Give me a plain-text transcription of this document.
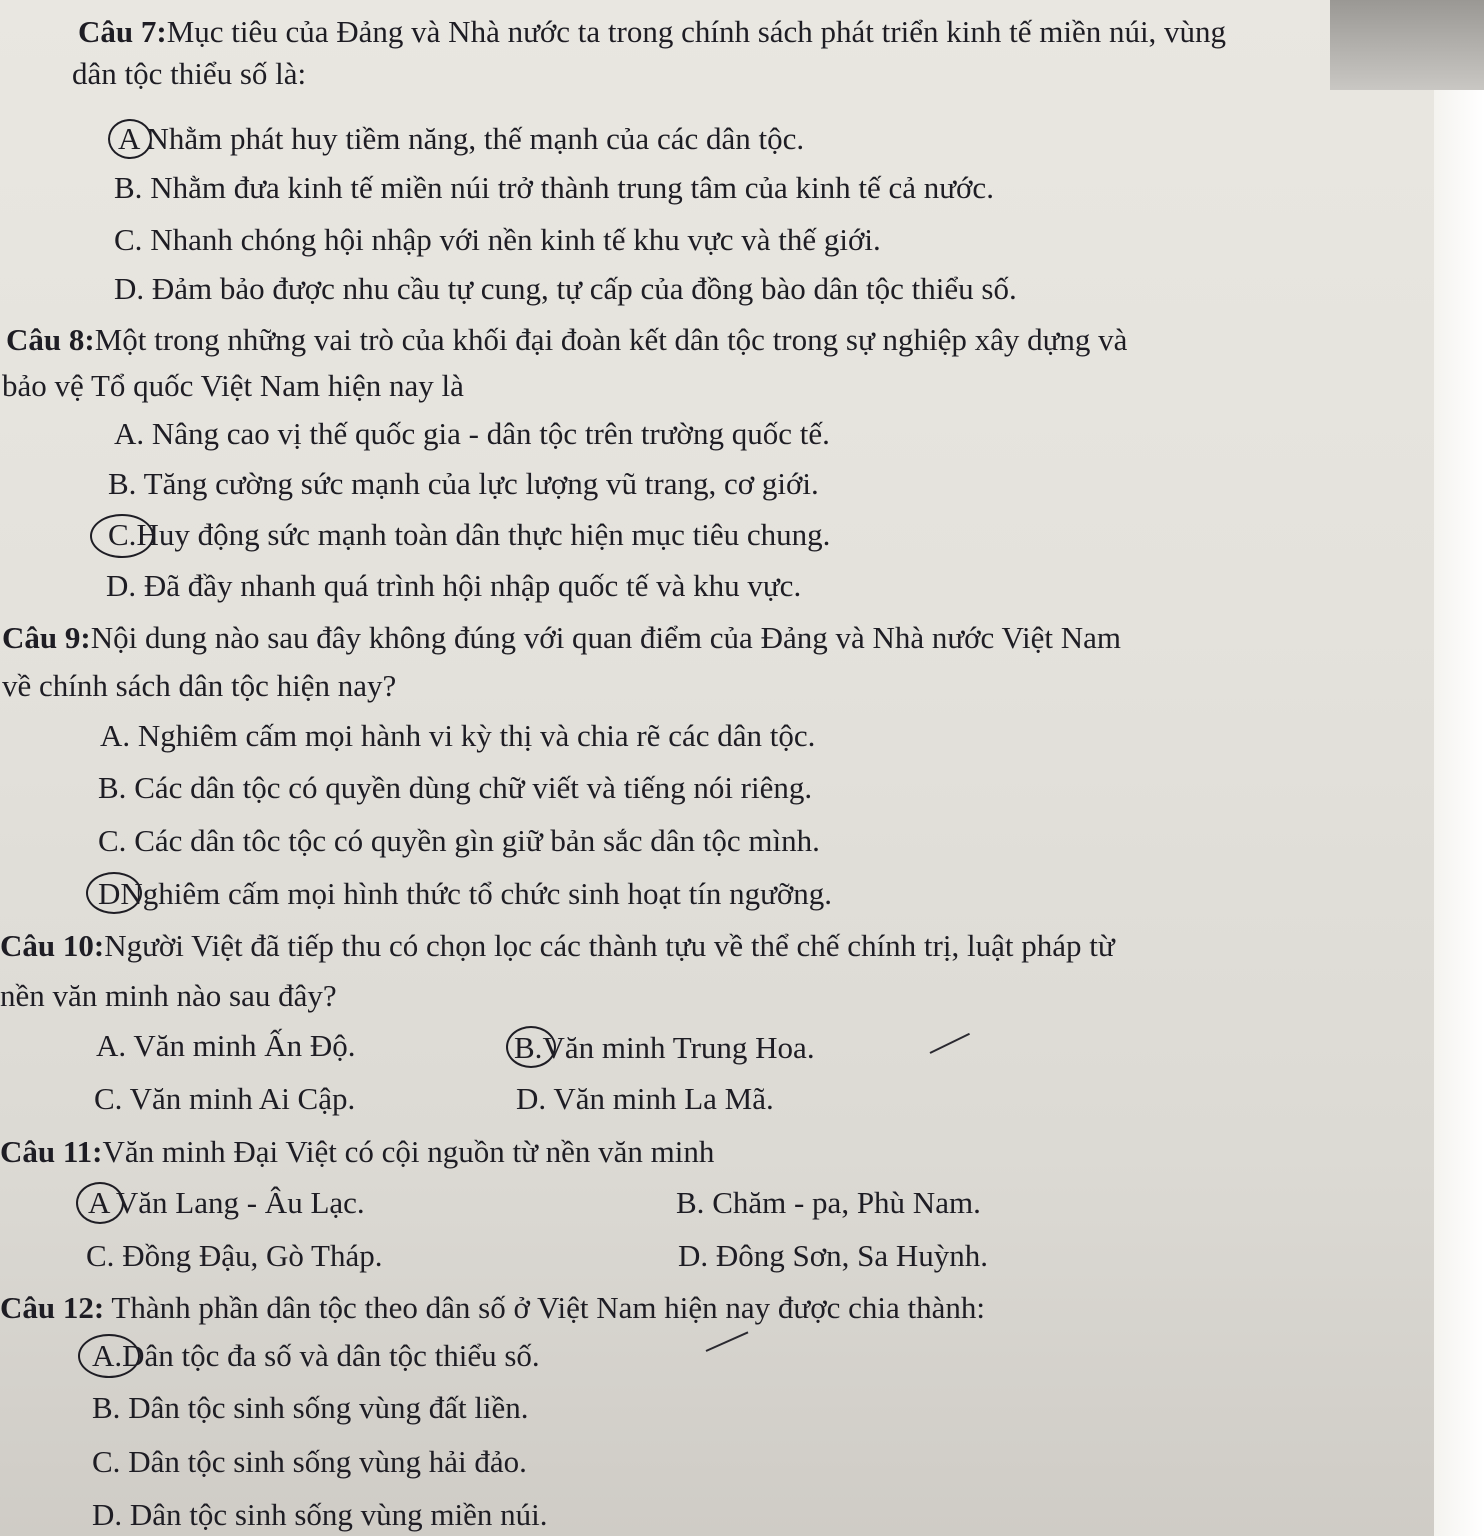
Câu 7:Mục tiêu của Đảng và Nhà nước ta trong chính sách phát triển kinh tế miền núi, vùng
dân tộc thiểu số là:
A Nhằm phát huy tiềm năng, thế mạnh của các dân tộc.
B. Nhằm đưa kinh tế miền núi trở thành trung tâm của kinh tế cả nước.
C. Nhanh chóng hội nhập với nền kinh tế khu vực và thế giới.
D. Đảm bảo được nhu cầu tự cung, tự cấp của đồng bào dân tộc thiểu số.
Câu 8:Một trong những vai trò của khối đại đoàn kết dân tộc trong sự nghiệp xây dựng và
bảo vệ Tổ quốc Việt Nam hiện nay là
A. Nâng cao vị thế quốc gia - dân tộc trên trường quốc tế.
B. Tăng cường sức mạnh của lực lượng vũ trang, cơ giới.
C.Huy động sức mạnh toàn dân thực hiện mục tiêu chung.
D. Đã đầy nhanh quá trình hội nhập quốc tế và khu vực.
Câu 9:Nội dung nào sau đây không đúng với quan điểm của Đảng và Nhà nước Việt Nam
về chính sách dân tộc hiện nay?
A. Nghiêm cấm mọi hành vi kỳ thị và chia rẽ các dân tộc.
B. Các dân tộc có quyền dùng chữ viết và tiếng nói riêng.
C. Các dân tôc tộc có quyền gìn giữ bản sắc dân tộc mình.
DNghiêm cấm mọi hình thức tổ chức sinh hoạt tín ngưỡng.
Câu 10:Người Việt đã tiếp thu có chọn lọc các thành tựu về thể chế chính trị, luật pháp từ
nền văn minh nào sau đây?
A. Văn minh Ấn Độ.	B.Văn minh Trung Hoa.
C. Văn minh Ai Cập.	D. Văn minh La Mã.
Câu 11:Văn minh Đại Việt có cội nguồn từ nền văn minh
A Văn Lang - Âu Lạc.	B. Chăm - pa, Phù Nam.
C. Đồng Đậu, Gò Tháp.	D. Đông Sơn, Sa Huỳnh.
Câu 12: Thành phần dân tộc theo dân số ở Việt Nam hiện nay được chia thành:
A.Dân tộc đa số và dân tộc thiểu số.
B. Dân tộc sinh sống vùng đất liền.
C. Dân tộc sinh sống vùng hải đảo.
D. Dân tộc sinh sống vùng miền núi.
